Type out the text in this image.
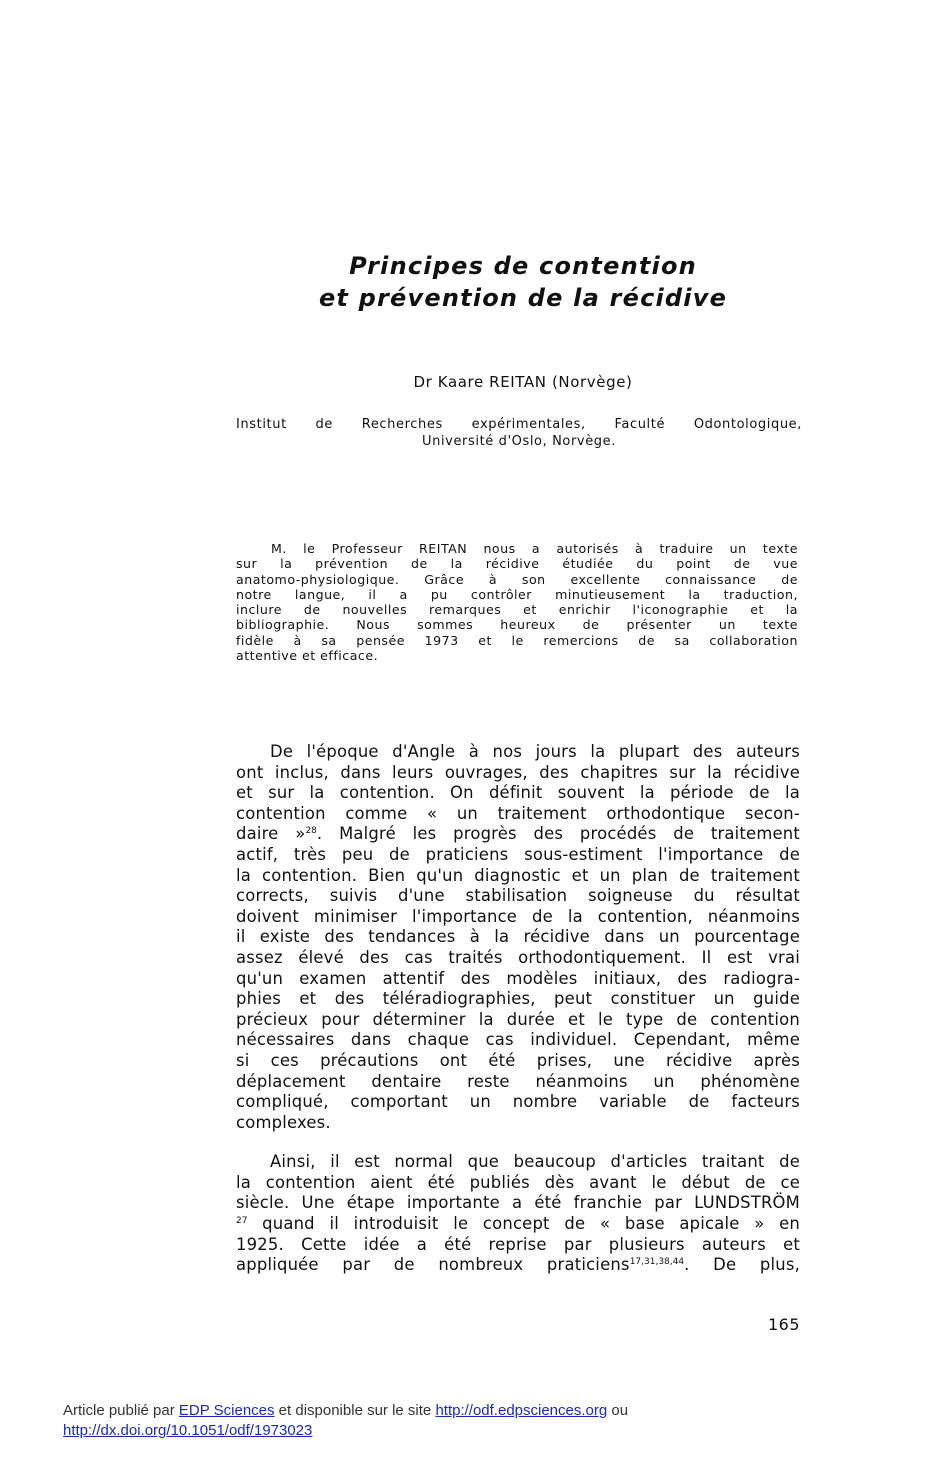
Principes de contention
et prévention de la récidive
Dr Kaare REITAN (Norvège)
Institut de Recherches expérimentales, Faculté Odontologique,
Université d'Oslo, Norvège.
M. le Professeur REITAN nous a autorisés à traduire un texte
sur la prévention de la récidive étudiée du point de vue
anatomo-physiologique. Grâce à son excellente connaissance de
notre langue, il a pu contrôler minutieusement la traduction,
inclure de nouvelles remarques et enrichir l'iconographie et la
bibliographie. Nous sommes heureux de présenter un texte
fidèle à sa pensée 1973 et le remercions de sa collaboration
attentive et efficace.
De l'époque d'Angle à nos jours la plupart des auteurs
ont inclus, dans leurs ouvrages, des chapitres sur la récidive
et sur la contention. On définit souvent la période de la
contention comme « un traitement orthodontique secon-
daire »$^{28}$. Malgré les progrès des procédés de traitement
actif, très peu de praticiens sous-estiment l'importance de
la contention. Bien qu'un diagnostic et un plan de traitement
corrects, suivis d'une stabilisation soigneuse du résultat
doivent minimiser l'importance de la contention, néanmoins
il existe des tendances à la récidive dans un pourcentage
assez élevé des cas traités orthodontiquement. Il est vrai
qu'un examen attentif des modèles initiaux, des radiogra-
phies et des téléradiographies, peut constituer un guide
précieux pour déterminer la durée et le type de contention
nécessaires dans chaque cas individuel. Cependant, même
si ces précautions ont été prises, une récidive après
déplacement dentaire reste néanmoins un phénomène
compliqué, comportant un nombre variable de facteurs
complexes.
Ainsi, il est normal que beaucoup d'articles traitant de
la contention aient été publiés dès avant le début de ce
siècle. Une étape importante a été franchie par LUNDSTRÖM
$^{27}$ quand il introduisit le concept de « base apicale » en
1925. Cette idée a été reprise par plusieurs auteurs et
appliquée par de nombreux praticiens$^{17,31,38,44}$. De plus,
165
Article publié par EDP Sciences et disponible sur le site http://odf.edpsciences.org ou
http://dx.doi.org/10.1051/odf/1973023
